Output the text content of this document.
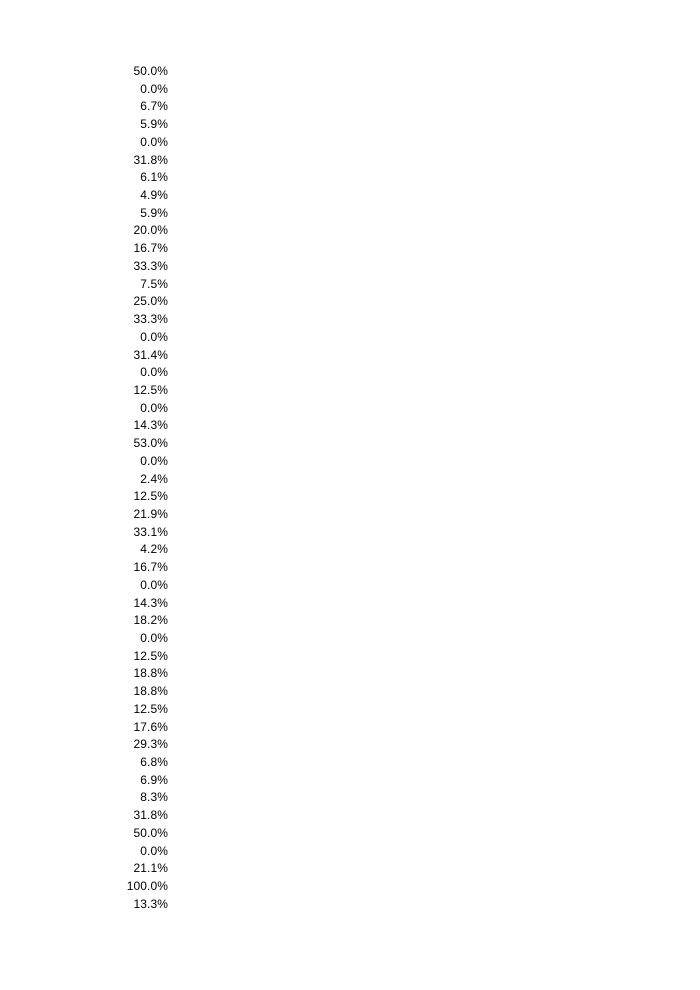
50.0%
0.0%
6.7%
5.9%
0.0%
31.8%
6.1%
4.9%
5.9%
20.0%
16.7%
33.3%
7.5%
25.0%
33.3%
0.0%
31.4%
0.0%
12.5%
0.0%
14.3%
53.0%
0.0%
2.4%
12.5%
21.9%
33.1%
4.2%
16.7%
0.0%
14.3%
18.2%
0.0%
12.5%
18.8%
18.8%
12.5%
17.6%
29.3%
6.8%
6.9%
8.3%
31.8%
50.0%
0.0%
21.1%
100.0%
13.3%
